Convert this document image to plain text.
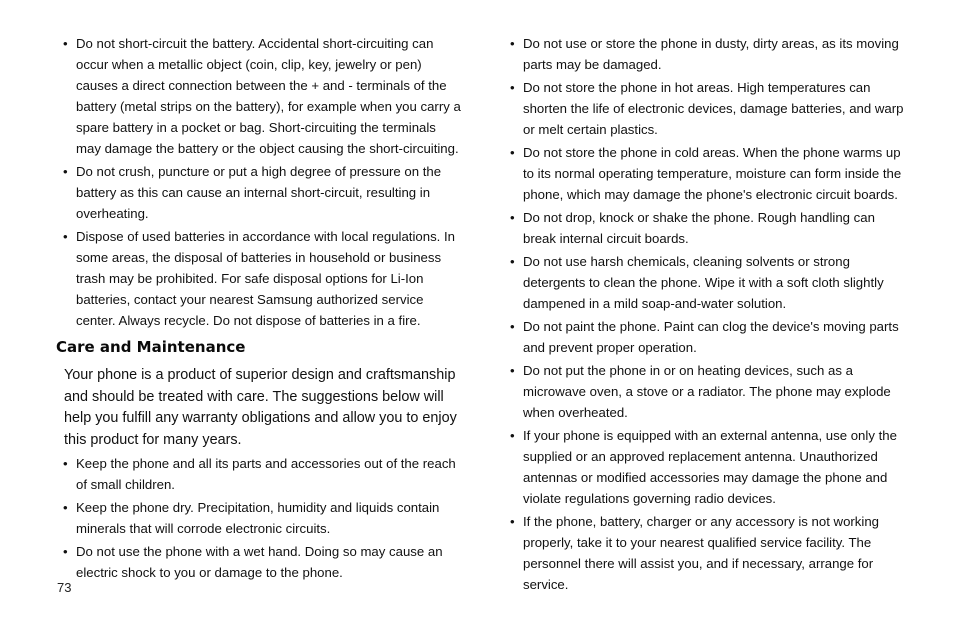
• Do not short-circuit the battery. Accidental short-circuiting can occur when a metallic object (coin, clip, key, jewelry or pen) causes a direct connection between the + and - terminals of the battery (metal strips on the battery), for example when you carry a spare battery in a pocket or bag. Short-circuiting the terminals may damage the battery or the object causing the short-circuiting.
• Do not crush, puncture or put a high degree of pressure on the battery as this can cause an internal short-circuit, resulting in overheating.
• Dispose of used batteries in accordance with local regulations. In some areas, the disposal of batteries in household or business trash may be prohibited. For safe disposal options for Li-Ion batteries, contact your nearest Samsung authorized service center. Always recycle. Do not dispose of batteries in a fire.
Care and Maintenance
Your phone is a product of superior design and craftsmanship and should be treated with care. The suggestions below will help you fulfill any warranty obligations and allow you to enjoy this product for many years.
• Keep the phone and all its parts and accessories out of the reach of small children.
• Keep the phone dry. Precipitation, humidity and liquids contain minerals that will corrode electronic circuits.
• Do not use the phone with a wet hand. Doing so may cause an electric shock to you or damage to the phone.
• Do not use or store the phone in dusty, dirty areas, as its moving parts may be damaged.
• Do not store the phone in hot areas. High temperatures can shorten the life of electronic devices, damage batteries, and warp or melt certain plastics.
• Do not store the phone in cold areas. When the phone warms up to its normal operating temperature, moisture can form inside the phone, which may damage the phone's electronic circuit boards.
• Do not drop, knock or shake the phone. Rough handling can break internal circuit boards.
• Do not use harsh chemicals, cleaning solvents or strong detergents to clean the phone. Wipe it with a soft cloth slightly dampened in a mild soap-and-water solution.
• Do not paint the phone. Paint can clog the device's moving parts and prevent proper operation.
• Do not put the phone in or on heating devices, such as a microwave oven, a stove or a radiator. The phone may explode when overheated.
• If your phone is equipped with an external antenna, use only the supplied or an approved replacement antenna. Unauthorized antennas or modified accessories may damage the phone and violate regulations governing radio devices.
• If the phone, battery, charger or any accessory is not working properly, take it to your nearest qualified service facility. The personnel there will assist you, and if necessary, arrange for service.
73
